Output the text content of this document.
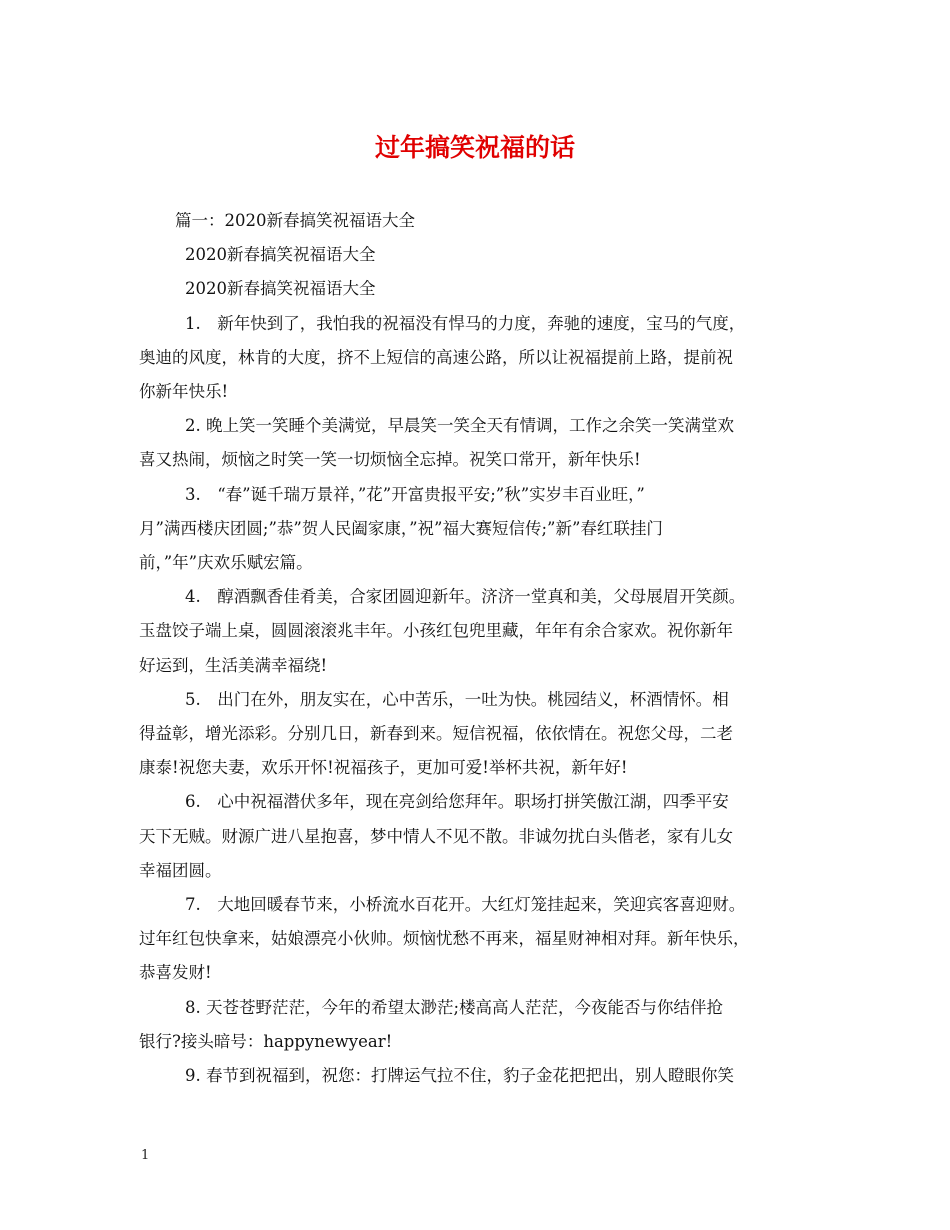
过年搞笑祝福的话

篇一：2020新春搞笑祝福语大全

2020新春搞笑祝福语大全

2020新春搞笑祝福语大全

1.　新年快到了，我怕我的祝福没有悍马的力度，奔驰的速度，宝马的气度，

奥迪的风度，林肯的大度，挤不上短信的高速公路，所以让祝福提前上路，提前祝

你新年快乐!

2. 晚上笑一笑睡个美满觉，早晨笑一笑全天有情调，工作之余笑一笑满堂欢

喜又热闹，烦恼之时笑一笑一切烦恼全忘掉。祝笑口常开，新年快乐!

3.　“春”诞千瑞万景祥，”花”开富贵报平安;”秋”实岁丰百业旺，”

月”满西楼庆团圆;”恭”贺人民阖家康，”祝”福大赛短信传;”新”春红联挂门

前，”年”庆欢乐赋宏篇。

4.　醇酒飘香佳肴美，合家团圆迎新年。济济一堂真和美，父母展眉开笑颜。

玉盘饺子端上桌，圆圆滚滚兆丰年。小孩红包兜里藏，年年有余合家欢。祝你新年

好运到，生活美满幸福绕!

5.　出门在外，朋友实在，心中苦乐，一吐为快。桃园结义，杯酒情怀。相

得益彰，增光添彩。分别几日，新春到来。短信祝福，依依情在。祝您父母，二老

康泰!祝您夫妻，欢乐开怀!祝福孩子，更加可爱!举杯共祝，新年好!

6.　心中祝福潜伏多年，现在亮剑给您拜年。职场打拼笑傲江湖，四季平安

天下无贼。财源广进八星抱喜，梦中情人不见不散。非诚勿扰白头偕老，家有儿女

幸福团圆。

7.　大地回暖春节来，小桥流水百花开。大红灯笼挂起来，笑迎宾客喜迎财。

过年红包快拿来，姑娘漂亮小伙帅。烦恼忧愁不再来，福星财神相对拜。新年快乐，

恭喜发财!

8. 天苍苍野茫茫，今年的希望太渺茫;楼高高人茫茫，今夜能否与你结伴抢

银行?接头暗号：happynewyear!

9. 春节到祝福到，祝您：打牌运气拉不住，豹子金花把把出，别人瞪眼你笑

1
